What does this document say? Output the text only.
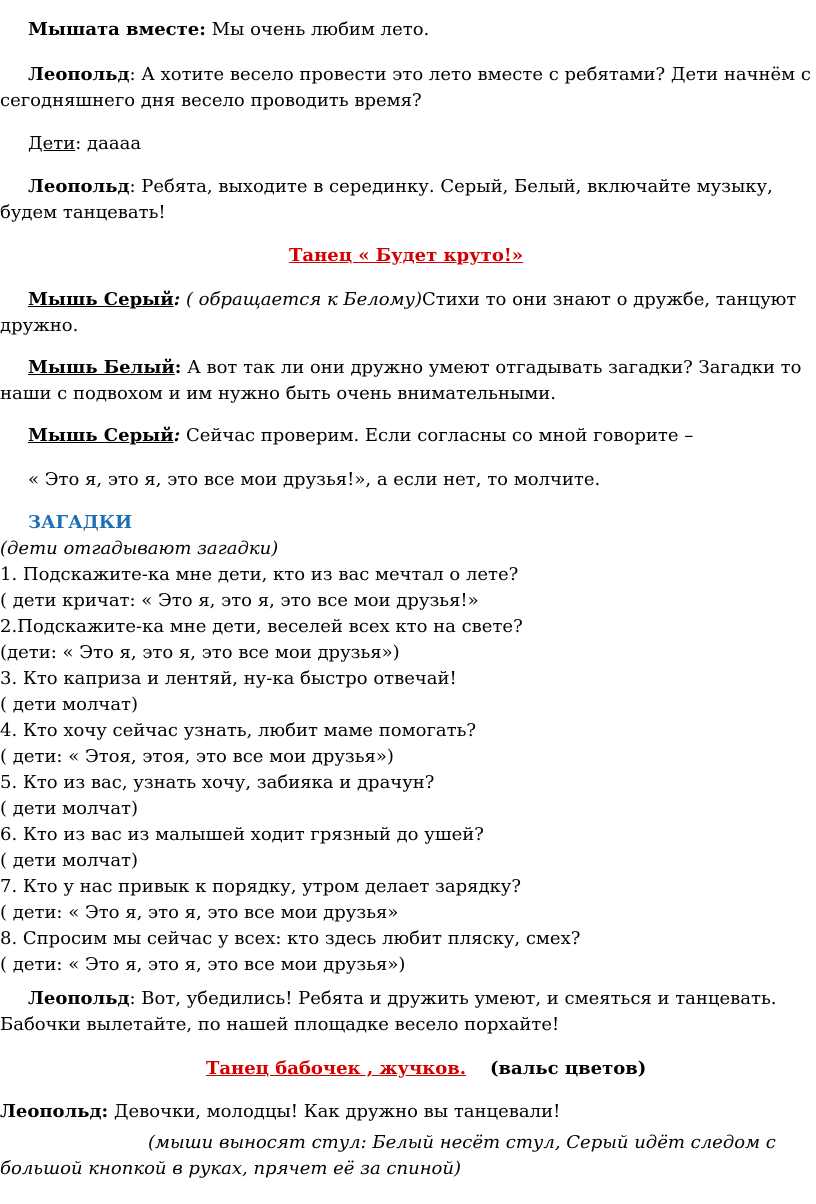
Мышата вместе: Мы очень любим лето.

Леопольд: А хотите весело провести это лето вместе с ребятами? Дети начнём с сегодняшнего дня весело проводить время?

Дети: даааа

Леопольд: Ребята, выходите в серединку. Серый, Белый, включайте музыку, будем танцевать!

Танец « Будет круто!»

Мышь Серый: ( обращается к Белому)Стихи то они знают о дружбе, танцуют дружно.

Мышь Белый: А вот так ли они дружно умеют отгадывать загадки? Загадки то наши с подвохом и им нужно быть очень внимательными.

Мышь Серый: Сейчас проверим. Если согласны со мной говорите –

« Это я, это я, это все мои друзья!», а если нет, то молчите.

ЗАГАДКИ

(дети отгадывают загадки)
1. Подскажите-ка мне дети, кто из вас мечтал о лете?
( дети кричат: « Это я, это я, это все мои друзья!»
2.Подскажите-ка мне дети, веселей всех кто на свете?
(дети: « Это я, это я, это все мои друзья»)
3. Кто каприза и лентяй, ну-ка быстро отвечай!
( дети молчат)
4. Кто хочу сейчас узнать, любит маме помогать?
( дети: « Этоя, этоя, это все мои друзья»)
5. Кто из вас, узнать хочу, забияка и драчун?
( дети молчат)
6. Кто из вас из малышей ходит грязный до ушей?
( дети молчат)
7. Кто у нас привык к порядку, утром делает зарядку?
( дети: « Это я, это я, это все мои друзья»
8. Спросим мы сейчас у всех: кто здесь любит пляску, смех?
( дети: « Это я, это я, это все мои друзья»)

Леопольд: Вот, убедились! Ребята и дружить умеют, и смеяться и танцевать. Бабочки вылетайте, по нашей площадке весело порхайте!

Танец бабочек , жучков. (вальс цветов)

Леопольд: Девочки, молодцы! Как дружно вы танцевали!

(мыши выносят стул: Белый несёт стул, Серый идёт следом с большой кнопкой в руках, прячет её за спиной)
